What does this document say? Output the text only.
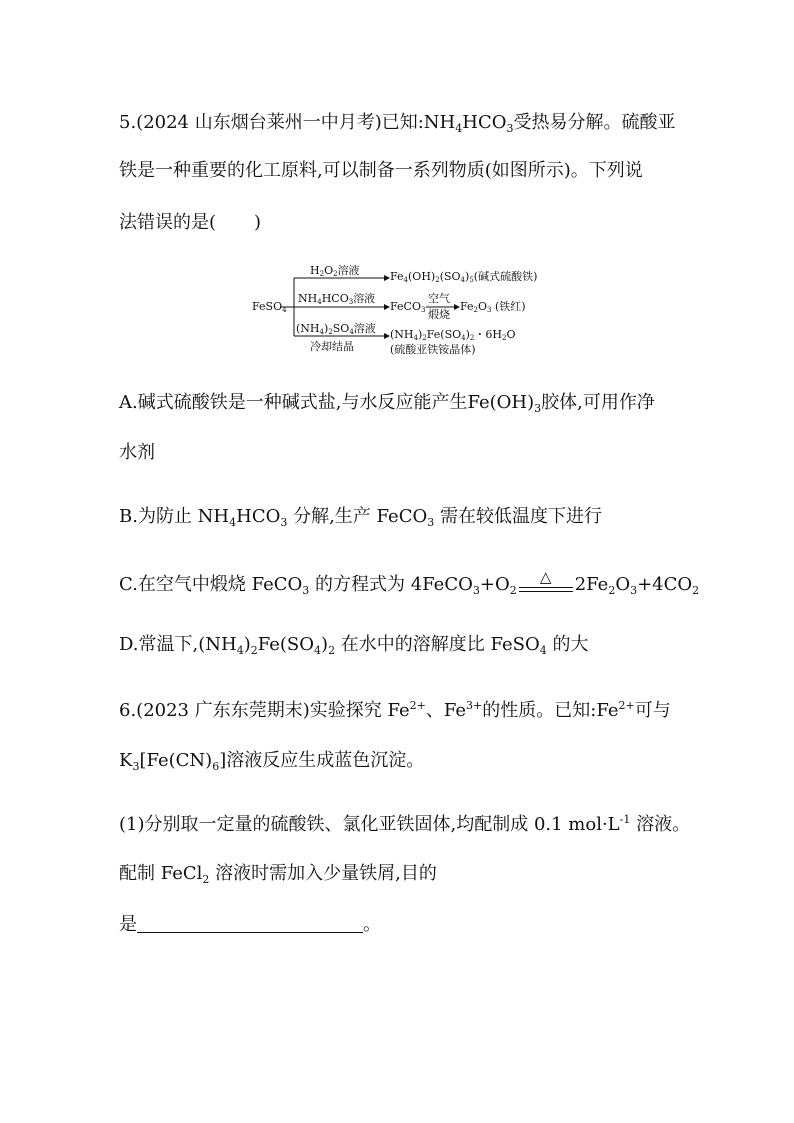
5.(2024 山东烟台莱州一中月考)已知$:NH_4HCO_3$受热易分解。硫酸亚
铁是一种重要的化工原料,可以制备一系列物质(如图所示)。下列说
法错误的是( )
FeSO$_4$
$H_2O_2$溶液	$Fe_4(OH)_2(SO_4)_5$(碱式硫酸铁)
$NH_4HCO_3$溶液
FeCO$_3$
空气
煅烧
$Fe_2O_3$ (铁红)
$(NH_4)_2SO_4$溶液
冷却结晶
$(NH_4)_2Fe(SO_4)_2$・$6H_2O$
(硫酸亚铁铵晶体)
A.碱式硫酸铁是一种碱式盐,与水反应能产生$Fe(OH)_3$胶体,可用作净
水剂
B.为防止 $NH_4HCO_3$ 分解,生产 FeCO$_3$ 需在较低温度下进行
C.在空气中煅烧 FeCO$_3$ 的方程式为 $4FeCO_3+O_2$
△	$2Fe_2O_3+4CO_2$
D.常温下$,(NH_4)_2Fe(SO_4)_2$ 在水中的溶解度比 FeSO$_4$ 的大
6.(2023 广东东莞期末)实验探究 $Fe^{2+}$、$Fe^{3+}$的性质。已知$:Fe^{2+}$可与
$K_3[Fe(CN)_6]$溶液反应生成蓝色沉淀。
(1)分别取一定量的硫酸铁、氯化亚铁固体,均配制成 0.1 $mol\cdot L^{-1}$ 溶液。
配制 FeCl$_2$ 溶液时需加入少量铁屑,目的
是	。
